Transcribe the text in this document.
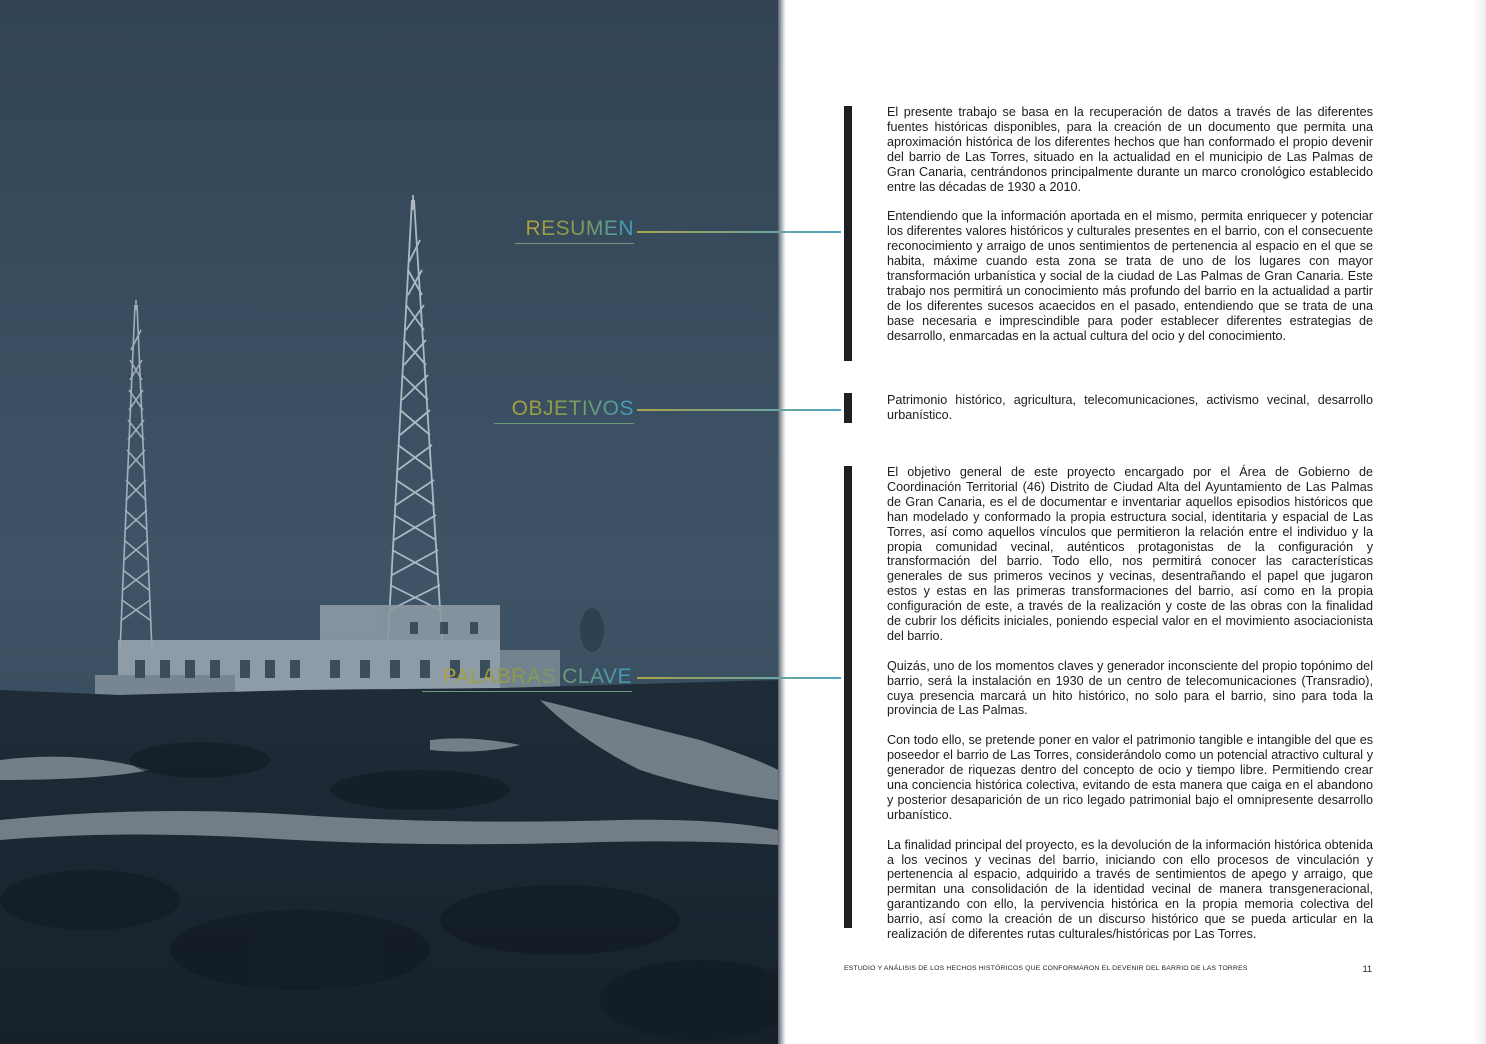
RESUMEN
OBJETIVOS
PALABRAS CLAVE

El presente trabajo se basa en la recuperación de datos a través de las diferentes fuentes históricas disponibles, para la creación de un documento que permita una aproximación histórica de los diferentes hechos que han conformado el propio devenir del barrio de Las Torres, situado en la actualidad en el municipio de Las Palmas de Gran Canaria, centrándonos principalmente durante un marco cronológico establecido entre las décadas de 1930 a 2010.

Entendiendo que la información aportada en el mismo, permita enriquecer y potenciar los diferentes valores históricos y culturales presentes en el barrio, con el consecuente reconocimiento y arraigo de unos sentimientos de pertenencia al espacio en el que se habita, máxime cuando esta zona se trata de uno de los lugares con mayor transformación urbanística y social de la ciudad de Las Palmas de Gran Canaria. Este trabajo nos permitirá un conocimiento más profundo del barrio en la actualidad a partir de los diferentes sucesos acaecidos en el pasado, entendiendo que se trata de una base necesaria e imprescindible para poder establecer diferentes estrategias de desarrollo, enmarcadas en la actual cultura del ocio y del conocimiento.

Patrimonio histórico, agricultura, telecomunicaciones, activismo vecinal, desarrollo urbanístico.

El objetivo general de este proyecto encargado por el Área de Gobierno de Coordinación Territorial (46) Distrito de Ciudad Alta del Ayuntamiento de Las Palmas de Gran Canaria, es el de documentar e inventariar aquellos episodios históricos que han modelado y conformado la propia estructura social, identitaria y espacial de Las Torres, así como aquellos vínculos que permitieron la relación entre el individuo y la propia comunidad vecinal, auténticos protagonistas de la configuración y transformación del barrio. Todo ello, nos permitirá conocer las características generales de sus primeros vecinos y vecinas, desentrañando el papel que jugaron estos y estas en las primeras transformaciones del barrio, así como en la propia configuración de este, a través de la realización y coste de las obras con la finalidad de cubrir los déficits iniciales, poniendo especial valor en el movimiento asociacionista del barrio.

Quizás, uno de los momentos claves y generador inconsciente del propio topónimo del barrio, será la instalación en 1930 de un centro de telecomunicaciones (Transradio), cuya presencia marcará un hito histórico, no solo para el barrio, sino para toda la provincia de Las Palmas.

Con todo ello, se pretende poner en valor el patrimonio tangible e intangible del que es poseedor el barrio de Las Torres, considerándolo como un potencial atractivo cultural y generador de riquezas dentro del concepto de ocio y tiempo libre. Permitiendo crear una conciencia histórica colectiva, evitando de esta manera que caiga en el abandono y posterior desaparición de un rico legado patrimonial bajo el omnipresente desarrollo urbanístico.

La finalidad principal del proyecto, es la devolución de la información histórica obtenida a los vecinos y vecinas del barrio, iniciando con ello procesos de vinculación y pertenencia al espacio, adquirido a través de sentimientos de apego y arraigo, que permitan una consolidación de la identidad vecinal de manera transgeneracional, garantizando con ello, la pervivencia histórica en la propia memoria colectiva del barrio, así como la creación de un discurso histórico que se pueda articular en la realización de diferentes rutas culturales/históricas por Las Torres.

ESTUDIO Y ANÁLISIS DE LOS HECHOS HISTÓRICOS QUE CONFORMARON EL DEVENIR DEL BARRIO DE LAS TORRES	11
